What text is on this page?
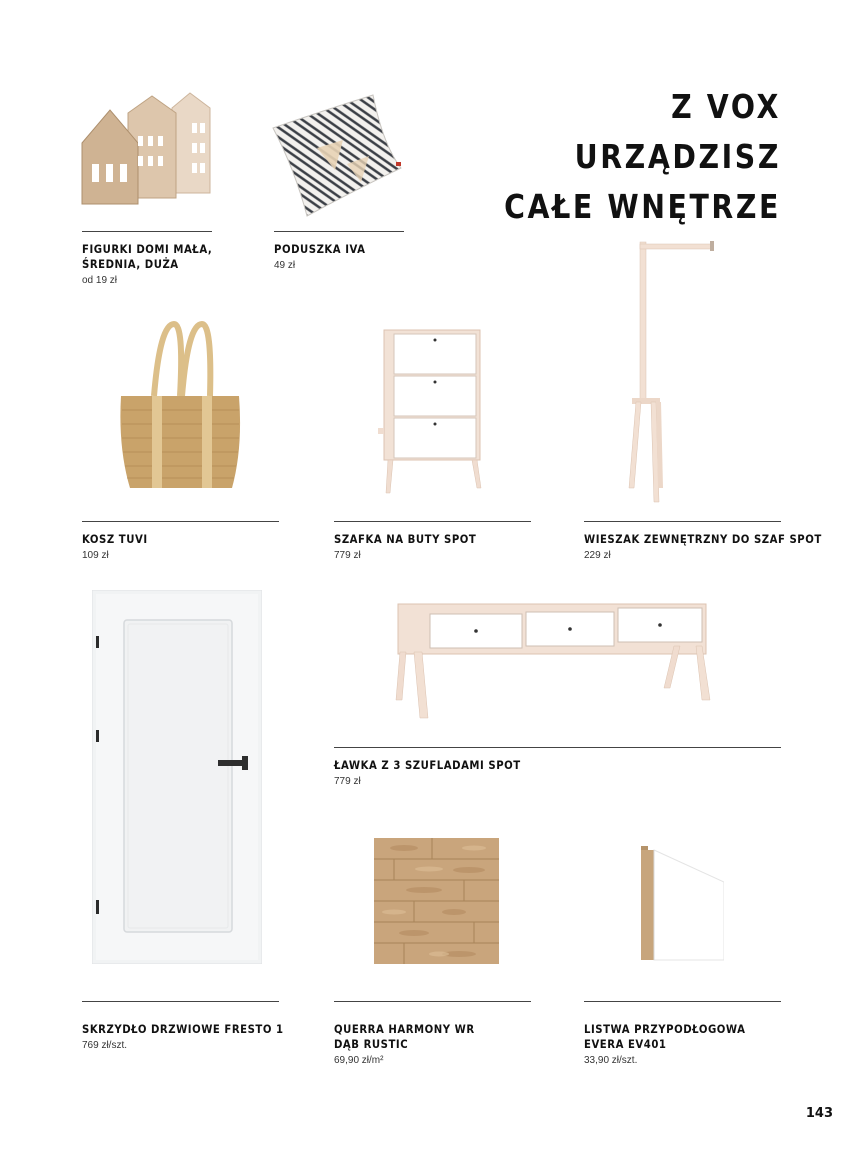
Z VOX URZĄDZISZ
CAŁE WNĘTRZE
FIGURKI DOMI MAŁA,
ŚREDNIA, DUŻA
od 19 zł
PODUSZKA IVA
49 zł
KOSZ TUVI
109 zł
SZAFKA NA BUTY SPOT
779 zł
WIESZAK ZEWNĘTRZNY DO SZAF SPOT
229 zł
ŁAWKA Z 3 SZUFLADAMI SPOT
779 zł
SKRZYDŁO DRZWIOWE FRESTO 1
769 zł/szt.
QUERRA HARMONY WR
DĄB RUSTIC
69,90 zł/m²
LISTWA PRZYPODŁOGOWA
EVERA EV401
33,90 zł/szt.
143
